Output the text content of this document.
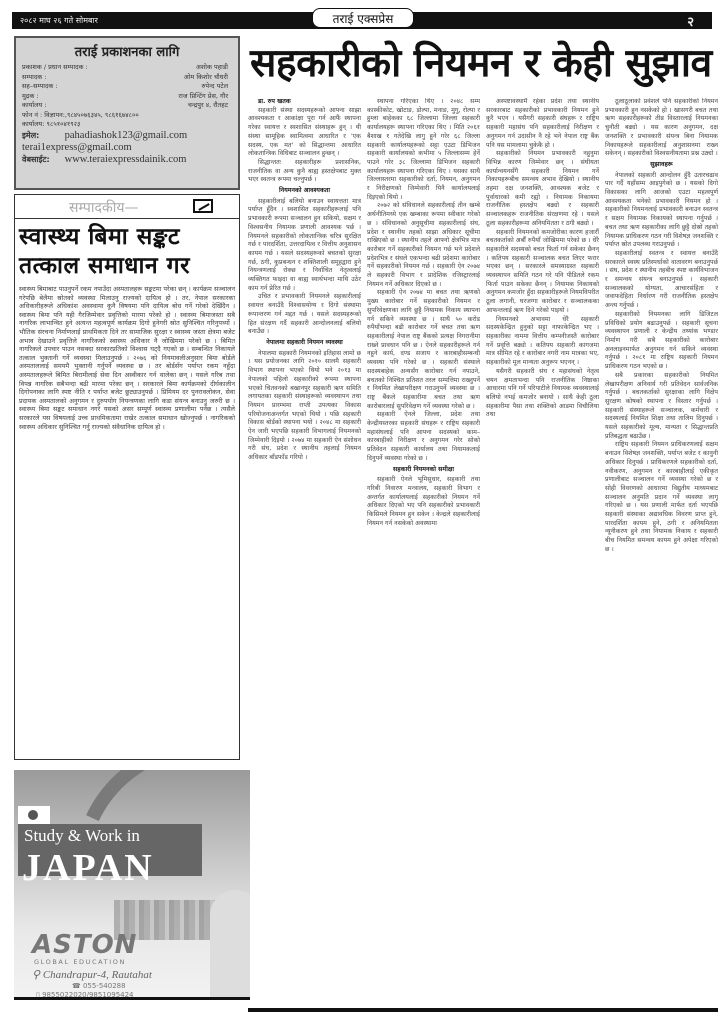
२०८२ माघ २६ गते सोमबार	तराई एक्सप्रेस	२
तराई प्रकाशनका लागि
प्रकाशक / प्रधान सम्पादक :	अशोक पहाडी
सम्पादक :	ओम किशोर चौधरी
सह–सम्पादक :	रुपेन्द पटेल
मुद्रक :	राज प्रिन्टिंग प्रेस, गौर
कार्यालय :	चन्द्रपुर ४, रौतहट
फोन नं : विज्ञापन:,९८४५०७६३४५, ९८६१६७४८००
कार्यालय: ९८५१०४१९२३
इमेल: pahadiashok123@gmail.com
terai1express@gmail.com
वेबसाईट: www.teraiexpressdainik.com
सम्पादकीय—
स्वास्थ्य बिमा सङ्कट तत्काल समाधान गर
स्वास्थ्य बिमाबाट पाउनुपर्ने रकम नपाउँदा अस्पतालहरू सङ्कटमा परेका छन् । कार्यक्रम सञ्चालन गरेपछि बेलैमा स्रोतको व्यवस्था मिलाउनु राज्यको दायित्व हो । तर, नेपाल सरकारका अधिकारीहरूले अधिकांश अवस्थामा कुनै विषयमा पनि दायित्व बोध गर्ने गरेको देखिँदैन । स्वास्थ्य बिमा पनि यही गैरजिम्मेवार प्रवृत्तिको मारमा परेको हो । स्वास्थ्य बिमाजस्ता सबै नागरिक लाभान्वित हुने अत्यन्त महत्वपूर्ण कार्यक्रम दिगो हुनेगरी स्रोत सुनिश्चित गरिनुपर्थ्यो । भौतिक संरचना निर्माणलाई प्राथमिकता दिने तर सामाजिक सुरक्षा र स्वास्थ्य जस्ता क्षेत्रमा बजेट अभाव देखाउने प्रवृत्तिले नागरिकको स्वास्थ्य अधिकार नै जोखिममा परेको छ । बिमित नागरिकले उपचार पाउन नसक्दा सरकारप्रतिको विश्वास घट्दै गएको छ । सम्बन्धित निकायले तत्काल भुक्तानी गर्ने व्यवस्था मिलाउनुपर्छ । २०७६ को नियमावलीअनुसार बिमा बोर्डले अस्पताललाई समयमै भुक्तानी गर्नुपर्ने व्यवस्था छ । तर बोर्डसँग पर्याप्त रकम नहुँदा अस्पतालहरूले बिमित बिरामीलाई सेवा दिन अस्वीकार गर्न थालेका छन् । यसले गरिब तथा विपन्न नागरिक सबैभन्दा बढी मारमा परेका छन् । सरकारले बिमा कार्यक्रमको दीर्घकालीन दिगोपनाका लागि स्पष्ट नीति र पर्याप्त बजेट छुट्याउनुपर्छ । प्रिमियम दर पुनरावलोकन, सेवा प्रदायक अस्पतालको अनुगमन र दुरुपयोग नियन्त्रणका लागि कडा संयन्त्र बनाउनु जरुरी छ । स्वास्थ्य बिमा सङ्कट समाधान नगरे यसको असर सम्पूर्ण स्वास्थ्य प्रणालीमा पर्नेछ । त्यसैले सरकारले यस विषयलाई उच्च प्राथमिकतामा राखेर तत्काल समाधान खोज्नुपर्छ । नागरिकको स्वास्थ्य अधिकार सुनिश्चित गर्नु राज्यको संवैधानिक दायित्व हो ।
Study & Work in
JAPAN
ASTON
GLOBAL EDUCATION
⚲ Chandrapur-4, Rautahat
☎ 055-540288
▯ 9855022020/9851095424
सहकारीको नियमन र केही सुझाव
डा. रुप खतक

सहकारी संस्था सदस्यहरूको आफ्ना साझा आवश्यकता र आकांक्षा पूरा गर्न आफैं स्थापना गरेका स्वायत्त र स्वशासित संस्थाहरू हुन् । यी संस्था सामूहिक स्वामित्वमा आधारित र 'एक सदस्य, एक मत' को सिद्धान्तमा आधारित लोकतान्त्रिक विधिबाट सञ्चालन हुन्छन् ।

सिद्धान्ततः सहकारीहरू प्रशासनिक, राजनीतिक वा अन्य कुनै बाह्य हस्तक्षेपबाट मुक्त भएर स्वतन्त्र रूपमा चल्नुपर्छ ।

नियमनको आवश्यकता

सहकारीलाई बलियो बनाउन स्वायत्तता मात्र पर्याप्त हुँदैन । स्वशासित सहकारीहरूलाई पनि प्रभावकारी रूपमा सञ्चालन हुन सकियो, सक्षम र विश्वसनीय नियामक प्रणाली आवश्यक पर्छ । नियमनले सहकारीको लोकतान्त्रिक चरित्र सुरक्षित गर्छ र पारदर्शिता, उत्तरदायित्व र वित्तीय अनुशासन कायम गर्छ । यसले सदस्यहरूको बचतको सुरक्षा गर्छ, ठगी, कुप्रबन्धन र शक्तिशाली समूहद्वारा हुने नियन्त्रणलाई रोक्छ र निर्वाचित नेतृत्वलाई व्यक्तिगत फाइदा वा बाह्य स्वार्थभन्दा माथि उठेर काम गर्न प्रेरित गर्छ ।

उचित र प्रभावकारी नियमनले सहकारीलाई स्वायत्त बनाउँदै विश्वासयोग्य र दिगो संस्थामा रूपान्तरण गर्न मद्दत गर्छ । यसले सदस्यहरूको हित संरक्षण गर्दै सहकारी आन्दोलनलाई बलियो बनाउँछ ।

नेपालमा सहकारी नियमन व्यवस्था

नेपालमा सहकारी नियमनको इतिहास लामो छ । यस प्रयोजनका लागि २०१० सालमै सहकारी विभाग स्थापना भएको थियो भने २०१३ मा नेपालको पहिलो सहकारीको रूपमा स्थापना भएको चितवनको बखानपुर सहकारी ऋण समिति लगायतका सहकारी संस्थाहरूको व्यवस्थापन तथा नियमन प्रारम्भमा राप्ती उपत्यका विकास परियोजनाअन्तर्गत भएको थियो । पछि सहकारी विकास बोर्डको स्थापना भयो । २०४८ मा सहकारी ऐन जारी भएपछि सहकारी विभागलाई नियमनको जिम्मेवारी दिइयो । २०७४ मा सहकारी ऐन संशोधन गरी संघ, प्रदेश र स्थानीय तहलाई नियमन अधिकार बाँडफाँड गरियो ।

स्थापना गरिएका थिए । २०४८ सम्म कास्कीकोट, खोटाङ, डोल्पा, मनाङ, मुगु, रोल्पा र हुम्ला बाहेकका ६८ जिल्लामा जिल्ला सहकारी कार्यालयहरू स्थापना गरिएका थिए । मिति २०६१ बैशाख १ गतेदेखि लागु हुने गरेर ६८ जिल्ला सहकारी कार्यालयहरूको सट्टा एउटा डिभिजन सहकारी कार्यालयको कभीमा ५ जिल्लासम्म हेर्ने पाउने गरेर ३८ जिल्लामा डिभिजन सहकारी कार्यालयहरू स्थापना गरिएका थिए । यसका साथै जिल्लास्तरमा सहकारीको दर्ता, नियमन, अनुगमन र निरीक्षणको जिम्मेवारी यिनै कार्यालयलाई दिइएको थियो ।

२०७२ को संविधानले सहकारीलाई तीन खम्बे अर्थनीतिमध्ये एक खम्बाका रूपमा स्वीकार गरेको छ । संविधानको अनुसूचीमा सहकारीलाई संघ, प्रदेश र स्थानीय तहको साझा अधिकार सूचीमा राखिएको छ । स्थानीय तहले आफ्नो क्षेत्रभित्र मात्र कारोबार गर्ने सहकारीको नियमन गर्छ भने प्रदेशले प्रदेशभित्र र संघले एकभन्दा बढी प्रदेशमा कारोबार गर्ने सहकारीको नियमन गर्छ । सहकारी ऐन २०७४ ले सहकारी विभाग र प्रादेशिक रजिस्ट्रारलाई नियमन गर्ने अधिकार दिएको छ ।

सहकारी ऐन २०७४ मा बचत तथा ऋणको मुख्य कारोबार गर्ने सहकारीको नियमन र सुपरिवेक्षणका लागि छुट्टै नियामक निकाय स्थापना गर्न सकिने व्यवस्था छ । साथै ५० करोड रुपैयाँभन्दा बढी कारोबार गर्ने बचत तथा ऋण सहकारीलाई नेपाल राष्ट्र बैंकको प्रत्यक्ष निगरानीमा राख्ने प्रावधान पनि छ । ऐनले सहकारीहरूले गर्न नहुने कार्य, दण्ड सजाय र कारबाहीसम्बन्धी व्यवस्था पनि गरेको छ । सहकारी संस्थाले सदस्यबाहेक अन्यसँग कारोबार गर्न नपाउने, बचतको निश्चित प्रतिशत तरल सम्पत्तिमा राख्नुपर्ने र नियमित लेखापरीक्षण गराउनुपर्ने व्यवस्था छ । राष्ट्र बैंकले सहकारीमा बचत तथा ऋण कारोबारलाई सुपरिवेक्षण गर्ने व्यवस्था गरेको छ ।

सहकारी ऐनले जिल्ला, प्रदेश तथा केन्द्रीयस्तरका सहकारी संघहरू र राष्ट्रिय सहकारी महासंघलाई पनि आफ्ना सदस्यको काम–कारबाहीको निरीक्षण र अनुगमन गरेर सोको प्रतिवेदन सहकारी कार्यालय तथा नियामकलाई दिनुपर्ने व्यवस्था गरेको छ ।

सहकारी नियमनको समीक्षा

सहकारी ऐनले भूमिसुधार, सहकारी तथा गरिबी निवारण मन्त्रालय, सहकारी विभाग र अन्तर्गत कार्यालयलाई सहकारीको नियमन गर्ने अधिकार दिएको भए पनि सहकारीको प्रभावकारी किसिमले नियमन हुन सकेन । केन्द्रले सहकारीलाई नियमन गर्न नसकेको अवस्थामा

अस्पष्टावस्थामै रहेका प्रदेश तथा स्थानीय सरकारबाट सहकारीको प्रभावकारी नियमन हुने कुरै भएन । यसैगरी सहकारी संघहरू र राष्ट्रिय सहकारी महासंघ पनि सहकारीलाई निरीक्षण र अनुगमन गर्न उदासीन नै रहे भने नेपाल राष्ट्र बैंक पनि यस मामलामा चुकेकै हो ।

सहकारीको नियमन प्रभावकारी नहुनुमा विभिन्न कारण जिम्मेवार छन् । संघीयता कार्यान्वयनसँगै सहकारी नियमन गर्ने निकायहरूबीच समन्वय अभाव देखियो । स्थानीय तहमा दक्ष जनशक्ति, आवश्यक बजेट र पूर्वाधारको कमी रह्यो । नियामक निकायमा राजनीतिक हस्तक्षेप बढ्यो र सहकारी सञ्चालकहरू राजनीतिक संरक्षणमा रहे । यसले ठूला सहकारीहरूमा अनियमितता र ठगी बढ्यो ।

सहकारी नियमनको कमजोरीका कारण हजारौं बचतकर्ताको अर्बौं रुपैयाँ जोखिममा परेको छ । धेरै सहकारीले सदस्यको बचत फिर्ता गर्न सकेका छैनन् । कतिपय सहकारी सञ्चालक बचत लिएर फरार भएका छन् । सरकारले समस्याग्रस्त सहकारी व्यवस्थापन समिति गठन गरे पनि पीडितले रकम फिर्ता पाउन सकेका छैनन् । नियामक निकायको अनुगमन कमजोर हुँदा सहकारीहरूले नियमविपरीत ठूला लगानी, घरजग्गा कारोबार र सञ्चालकका आफन्तलाई ऋण दिने गरेको पाइयो ।

नियमनको अभावमा धेरै सहकारी सदस्यकेन्द्रित हुनुको सट्टा नाफाकेन्द्रित भए । सहकारीका नाममा वित्तीय कम्पनीजस्तै कारोबार गर्ने प्रवृत्ति बढ्यो । कतिपय सहकारी कागजमा मात्र सीमित रहे र कारोबार नगरी नाम मात्रका भए, सहकारीको मूल मान्यता अनुरूप भएनन् ।

यसैगरी सहकारी संघ र महासंघको नेतृत्व चयन क्षमताभन्दा पनि राजनीतिक निष्ठाका आधारमा पनि गर्ने परिपाटीले नियामक व्यवस्थालाई बलियो नभई कमजोर बनायो । साथै केही ठूला सहकारीमा पैसा तथा शक्तिको आडमा विचौलिया तथा

ठूलाठूलाको प्रवेशले पनि सहकारीको नियमन प्रभावकारी हुन नसकेको हो । खासगरी बचत तथा ऋण सहकारीहरूको तीव्र विस्तारलाई नियमनका चुनौती बढ्यो । यस कारण अनुगमन, दक्ष जनशक्ति र प्रभावकारी संयन्त्र बिना नियामक निकायहरूले सहकारीलाई अनुशासनमा राख्न सकेनन् । सहकारीको विश्वसनीयतामा प्रश्न उठ्यो ।

सुझावहरू

नेपालको सहकारी आन्दोलन हुँदै उतारचढाव पार गर्दै यहाँसम्म आइपुगेको छ । यसको दिगो विकासका लागि आजको एउटा महत्वपूर्ण आवश्यकता भनेको प्रभावकारी नियमन हो । सहकारीको नियमनलाई प्रभावकारी बनाउन स्वतन्त्र र सक्षम नियामक निकायको स्थापना गर्नुपर्छ । बचत तथा ऋण सहकारीका लागि छुट्टै दोस्रो तहको नियामक प्राधिकरण गठन गरी विशेषज्ञ जनशक्ति र पर्याप्त स्रोत उपलब्ध गराउनुपर्छ ।

सहकारीलाई स्वतन्त्र र स्वायत्त बनाउँदै सरकारले स्वस्थ प्रतिस्पर्धाको वातावरण बनाउनुपर्छ । संघ, प्रदेश र स्थानीय तहबीच स्पष्ट कार्यविभाजन र समन्वय संयन्त्र बनाउनुपर्छ । सहकारी सञ्चालकको योग्यता, आचारसंहिता र जवाफदेहिता निर्धारण गरी राजनीतिक हस्तक्षेप अन्त्य गर्नुपर्छ ।

सहकारीको नियमनका लागि डिजिटल प्रविधिको प्रयोग बढाउनुपर्छ । सहकारी सूचना व्यवस्थापन प्रणाली र केन्द्रीय तथ्यांक भण्डार निर्माण गरी सबै सहकारीको कारोबार अनलाइनमार्फत अनुगमन गर्न सकिने व्यवस्था गर्नुपर्छ । २०८१ मा राष्ट्रिय सहकारी नियमन प्राधिकरण गठन भएको छ ।

सबै प्रकारका सहकारीको नियमित लेखापरीक्षण अनिवार्य गरी प्रतिवेदन सार्वजनिक गर्नुपर्छ । बचतकर्ताको सुरक्षाका लागि निक्षेप सुरक्षण कोषको स्थापना र विस्तार गर्नुपर्छ । सहकारी संस्थाहरूले सञ्चालक, कर्मचारी र सदस्यलाई नियमित शिक्षा तथा तालिम दिनुपर्छ । यसले सहकारीको मूल्य, मान्यता र सिद्धान्तप्रति प्रतिबद्धता बढाउँछ ।

राष्ट्रिय सहकारी नियमन प्राधिकरणलाई सक्षम बनाउन विशेषज्ञ जनशक्ति, पर्याप्त बजेट र कानुनी अधिकार दिनुपर्छ । प्राधिकरणले सहकारीको दर्ता, नवीकरण, अनुगमन र कारबाहीलाई एकीकृत प्रणालीबाट सञ्चालन गर्ने व्यवस्था गरेको छ र सोही विवरणको आधारमा विद्युतीय माध्यमबाट सञ्चालन अनुमति प्रदान गर्ने व्यवस्था लागू गरिएको छ । यस प्रणाली मार्फत दर्ता भएपछि सहकारी संस्थाका अद्यावधिक विवरण प्राप्त हुने, पारदर्शिता कायम हुने, ठगी र अनियमितता न्यूनीकरण हुने तथा नियामक निकाय र सहकारी बीच नियमित समन्वय कायम हुने अपेक्षा गरिएको छ ।
